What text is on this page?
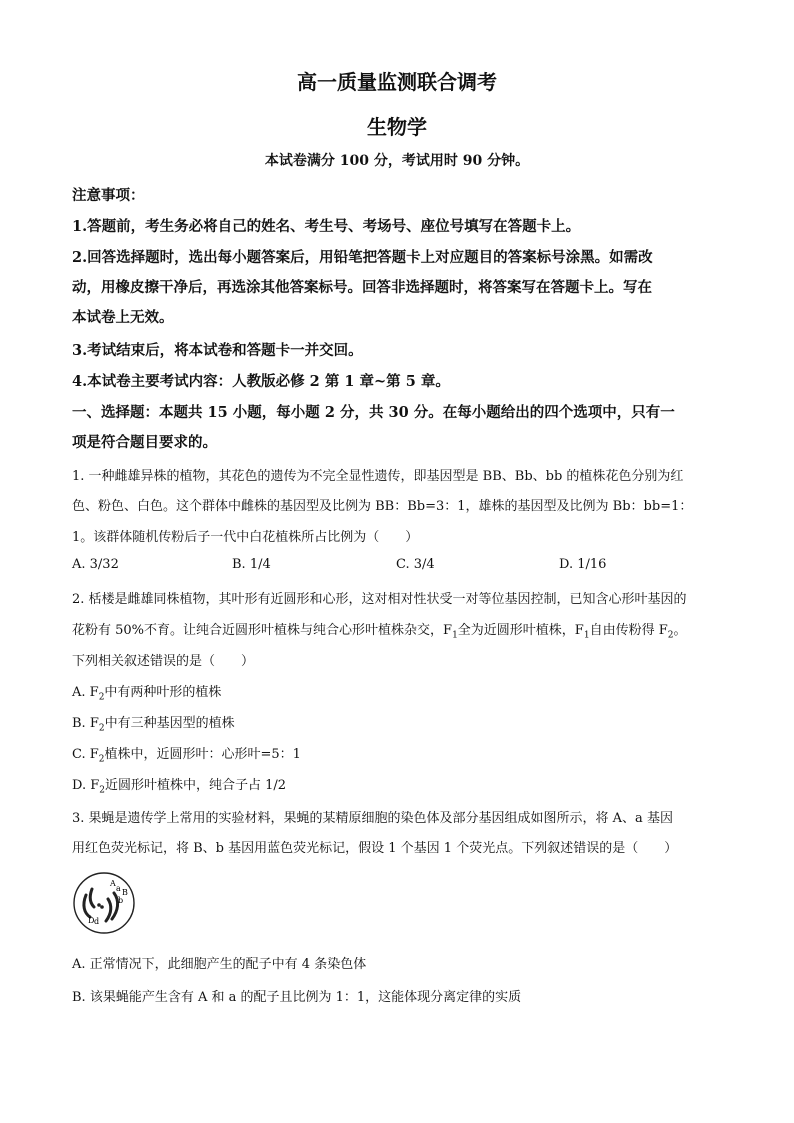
高一质量监测联合调考
生物学
本试卷满分 100 分，考试用时 90 分钟。
注意事项：
1.答题前，考生务必将自己的姓名、考生号、考场号、座位号填写在答题卡上。
2.回答选择题时，选出每小题答案后，用铅笔把答题卡上对应题目的答案标号涂黑。如需改
动，用橡皮擦干净后，再选涂其他答案标号。回答非选择题时，将答案写在答题卡上。写在
本试卷上无效。
3.考试结束后，将本试卷和答题卡一并交回。
4.本试卷主要考试内容：人教版必修 2 第 1 章~第 5 章。
一、选择题：本题共 15 小题，每小题 2 分，共 30 分。在每小题给出的四个选项中，只有一
项是符合题目要求的。
1. 一种雌雄异株的植物，其花色的遗传为不完全显性遗传，即基因型是 BB、Bb、bb 的植株花色分别为红
色、粉色、白色。这个群体中雌株的基因型及比例为 BB：Bb=3：1，雄株的基因型及比例为 Bb：bb=1：
1。该群体随机传粉后子一代中白花植株所占比例为（　　）
A. 3/32	B. 1/4	C. 3/4	D. 1/16
2. 栝楼是雌雄同株植物，其叶形有近圆形和心形，这对相对性状受一对等位基因控制，已知含心形叶基因的
花粉有 50%不育。让纯合近圆形叶植株与纯合心形叶植株杂交，$F_1$全为近圆形叶植株，$F_1$自由传粉得 $F_2$。
下列相关叙述错误的是（　　）
A. $F_2$中有两种叶形的植株
B. $F_2$中有三种基因型的植株
C. $F_2$植株中，近圆形叶：心形叶=5：1
D. $F_2$近圆形叶植株中，纯合子占 1/2
3. 果蝇是遗传学上常用的实验材料，果蝇的某精原细胞的染色体及部分基因组成如图所示，将 A、a 基因
用红色荧光标记，将 B、b 基因用蓝色荧光标记，假设 1 个基因 1 个荧光点。下列叙述错误的是（　　）
A
a B
b
D d
A. 正常情况下，此细胞产生的配子中有 4 条染色体
B. 该果蝇能产生含有 A 和 a 的配子且比例为 1：1，这能体现分离定律的实质
